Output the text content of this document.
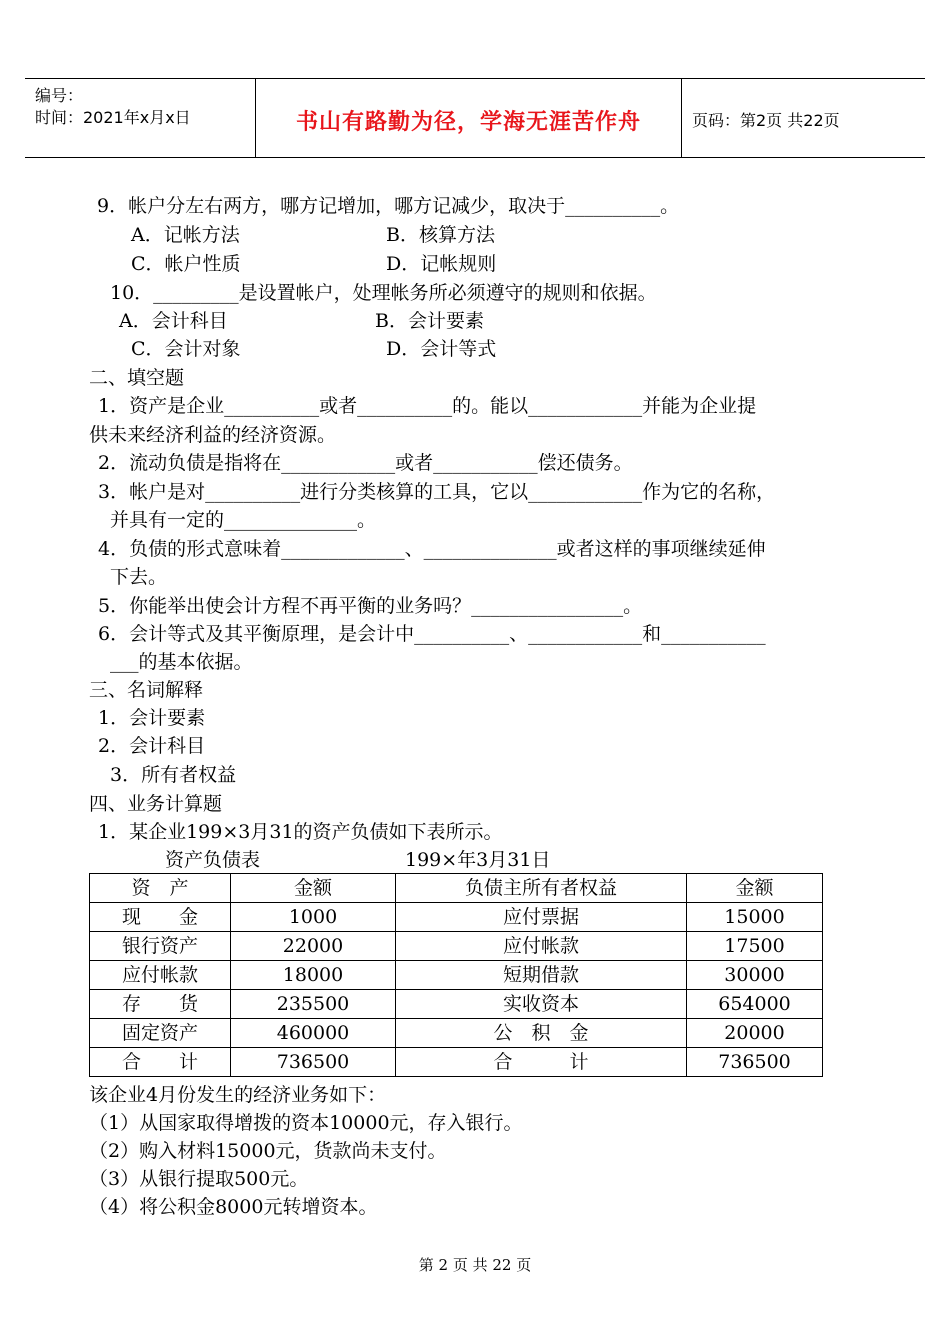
编号：
时间：2021年x月x日	书山有路勤为径，学海无涯苦作舟	页码：第2页 共22页
9．帐户分左右两方，哪方记增加，哪方记减少，取决于__________。
A．记帐方法	B．核算方法
C．帐户性质	D．记帐规则
10．_________是设置帐户，处理帐务所必须遵守的规则和依据。
A．会计科目	B．会计要素
C．会计对象	D．会计等式
二、填空题
1．资产是企业__________或者__________的。能以____________并能为企业提
供未来经济利益的经济资源。
2．流动负债是指将在____________或者___________偿还债务。
3．帐户是对__________进行分类核算的工具，它以____________作为它的名称，
并具有一定的______________。
4．负债的形式意味着_____________、______________或者这样的事项继续延伸
下去。
5．你能举出使会计方程不再平衡的业务吗？________________。
6．会计等式及其平衡原理，是会计中__________、____________和___________
___的基本依据。
三、名词解释
1．会计要素
2．会计科目
3．所有者权益
四、业务计算题
1．某企业199×3月31的资产负债如下表所示。
资产负债表	199×年3月31日
资　产	金额	负债主所有者权益	金额
现　　金	1000	应付票据	15000
银行资产	22000	应付帐款	17500
应付帐款	18000	短期借款	30000
存　　货	235500	实收资本	654000
固定资产	460000	公　积　金	20000
合　　计	736500	合　　　计	736500
该企业4月份发生的经济业务如下：
（1）从国家取得增拨的资本10000元，存入银行。
（2）购入材料15000元，货款尚未支付。
（3）从银行提取500元。
（4）将公积金8000元转增资本。
第 2 页 共 22 页
